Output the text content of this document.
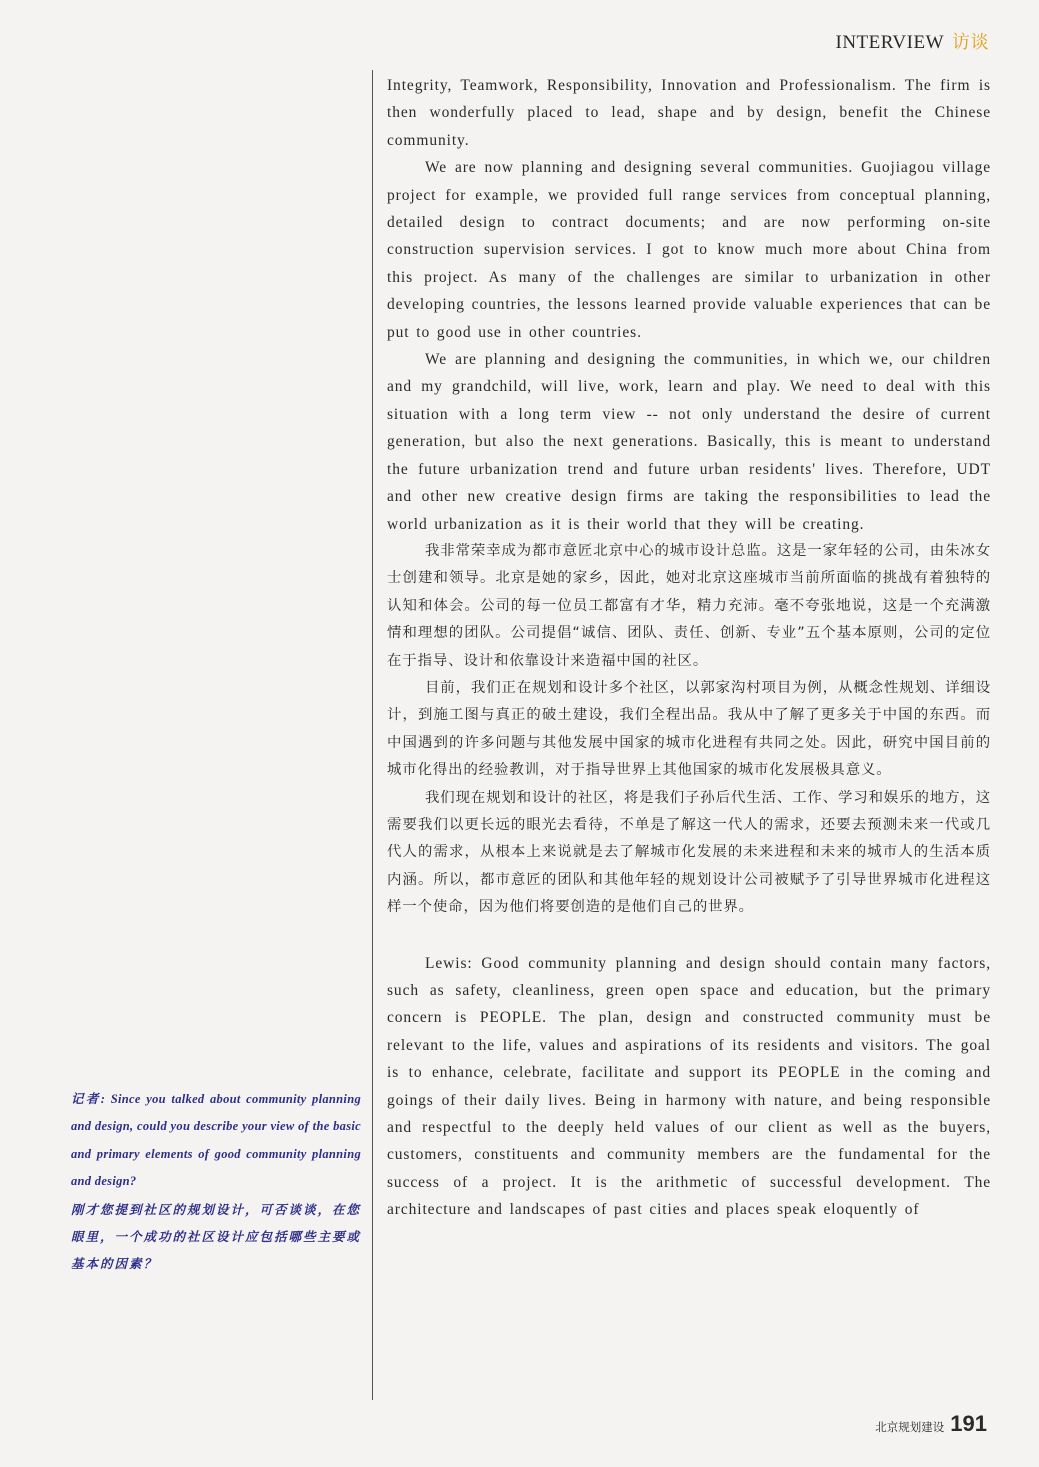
INTERVIEW 访谈

Integrity, Teamwork, Responsibility, Innovation and Professionalism. The firm is then wonderfully placed to lead, shape and by design, benefit the Chinese community.

We are now planning and designing several communities. Guojiagou village project for example, we provided full range services from conceptual planning, detailed design to contract documents; and are now performing on-site construction supervision services. I got to know much more about China from this project. As many of the challenges are similar to urbanization in other developing countries, the lessons learned provide valuable experiences that can be put to good use in other countries.

We are planning and designing the communities, in which we, our children and my grandchild, will live, work, learn and play. We need to deal with this situation with a long term view -- not only understand the desire of current generation, but also the next generations. Basically, this is meant to understand the future urbanization trend and future urban residents' lives. Therefore, UDT and other new creative design firms are taking the responsibilities to lead the world urbanization as it is their world that they will be creating.

我非常荣幸成为都市意匠北京中心的城市设计总监。这是一家年轻的公司，由朱冰女士创建和领导。北京是她的家乡，因此，她对北京这座城市当前所面临的挑战有着独特的认知和体会。公司的每一位员工都富有才华，精力充沛。毫不夸张地说，这是一个充满激情和理想的团队。公司提倡“诚信、团队、责任、创新、专业”五个基本原则，公司的定位在于指导、设计和依靠设计来造福中国的社区。

目前，我们正在规划和设计多个社区，以郭家沟村项目为例，从概念性规划、详细设计，到施工图与真正的破土建设，我们全程出品。我从中了解了更多关于中国的东西。而中国遇到的许多问题与其他发展中国家的城市化进程有共同之处。因此，研究中国目前的城市化得出的经验教训，对于指导世界上其他国家的城市化发展极具意义。

我们现在规划和设计的社区，将是我们子孙后代生活、工作、学习和娱乐的地方，这需要我们以更长远的眼光去看待，不单是了解这一代人的需求，还要去预测未来一代或几代人的需求，从根本上来说就是去了解城市化发展的未来进程和未来的城市人的生活本质内涵。所以，都市意匠的团队和其他年轻的规划设计公司被赋予了引导世界城市化进程这样一个使命，因为他们将要创造的是他们自己的世界。

Lewis: Good community planning and design should contain many factors, such as safety, cleanliness, green open space and education, but the primary concern is PEOPLE. The plan, design and constructed community must be relevant to the life, values and aspirations of its residents and visitors. The goal is to enhance, celebrate, facilitate and support its PEOPLE in the coming and goings of their daily lives. Being in harmony with nature, and being responsible and respectful to the deeply held values of our client as well as the buyers, customers, constituents and community members are the fundamental for the success of a project. It is the arithmetic of successful development. The architecture and landscapes of past cities and places speak eloquently of

记者: Since you talked about community planning and design, could you describe your view of the basic and primary elements of good community planning and design?

刚才您提到社区的规划设计，可否谈谈，在您眼里，一个成功的社区设计应包括哪些主要或基本的因素？

北京规划建设 191
